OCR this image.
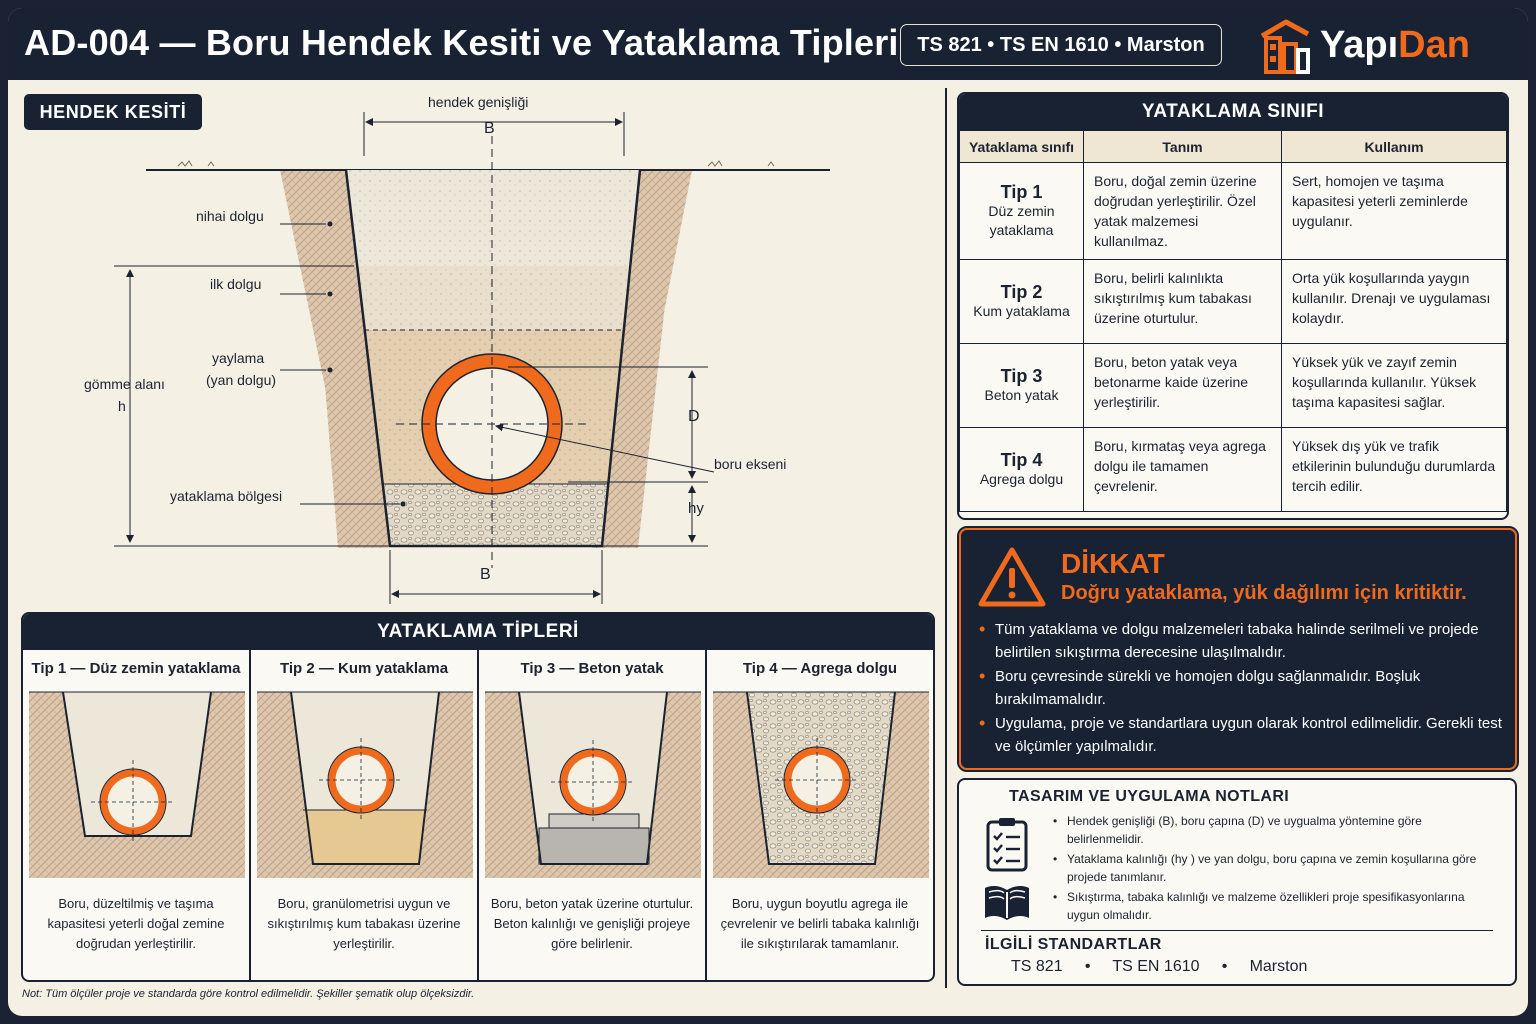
AD-004 — Boru Hendek Kesiti ve Yataklama Tipleri TS 821 • TS EN 1610 • Marston	YapıDan
HENDEK KESİTİ	hendek genişliği
B
nihai dolgu
ilk dolgu
yaylama
(yan dolgu)
gömme alanı
h
yataklama bölgesi
D
boru ekseni
hy
B
YATAKLAMA TİPLERİ
Tip 1 — Düz zemin yataklama
Boru, düzeltilmiş ve taşıma kapasitesi yeterli doğal zemine doğrudan yerleştirilir.
Tip 2 — Kum yataklama
Boru, granülometrisi uygun ve sıkıştırılmış kum tabakası üzerine yerleştirilir.
Tip 3 — Beton yatak
Boru, beton yatak üzerine oturtulur. Beton kalınlığı ve genişliği projeye göre belirlenir.
Tip 4 — Agrega dolgu
Boru, uygun boyutlu agrega ile çevrelenir ve belirli tabaka kalınlığı ile sıkıştırılarak tamamlanır.
YATAKLAMA SINIFI
Yataklama sınıfı	Tanım	Kullanım

Tip 1
Düz zemin yataklama	Boru, doğal zemin üzerine doğrudan yerleştirilir. Özel yatak malzemesi kullanılmaz.	Sert, homojen ve taşıma kapasitesi yeterli zeminlerde uygulanır.

Tip 2
Kum yataklama	Boru, belirli kalınlıkta sıkıştırılmış kum tabakası üzerine oturtulur.	Orta yük koşullarında yaygın kullanılır. Drenajı ve uygulaması kolaydır.

Tip 3
Beton yatak	Boru, beton yatak veya betonarme kaide üzerine yerleştirilir.	Yüksek yük ve zayıf zemin koşullarında kullanılır. Yüksek taşıma kapasitesi sağlar.

Tip 4
Agrega dolgu	Boru, kırmataş veya agrega dolgu ile tamamen çevrelenir.	Yüksek dış yük ve trafik etkilerinin bulunduğu durumlarda tercih edilir.
DİKKAT
Doğru yataklama, yük dağılımı için kritiktir.
• Tüm yataklama ve dolgu malzemeleri tabaka halinde serilmeli ve projede belirtilen sıkıştırma derecesine ulaşılmalıdır.
• Boru çevresinde sürekli ve homojen dolgu sağlanmalıdır. Boşluk bırakılmamalıdır.
• Uygulama, proje ve standartlara uygun olarak kontrol edilmelidir. Gerekli test ve ölçümler yapılmalıdır.
TASARIM VE UYGULAMA NOTLARI
• Hendek genişliği (B), boru çapına (D) ve uygualma yöntemine göre belirlenmelidir.
• Yataklama kalınlığı (hy ) ve yan dolgu, boru çapına ve zemin koşullarına göre projede tanımlanır.
• Sıkıştırma, tabaka kalınlığı ve malzeme özellikleri proje spesifikasyonlarına uygun olmalıdır.
İLGİLİ STANDARTLAR
TS 821     •     TS EN 1610     •     Marston
Not: Tüm ölçüler proje ve standarda göre kontrol edilmelidir. Şekiller şematik olup ölçeksizdir.
